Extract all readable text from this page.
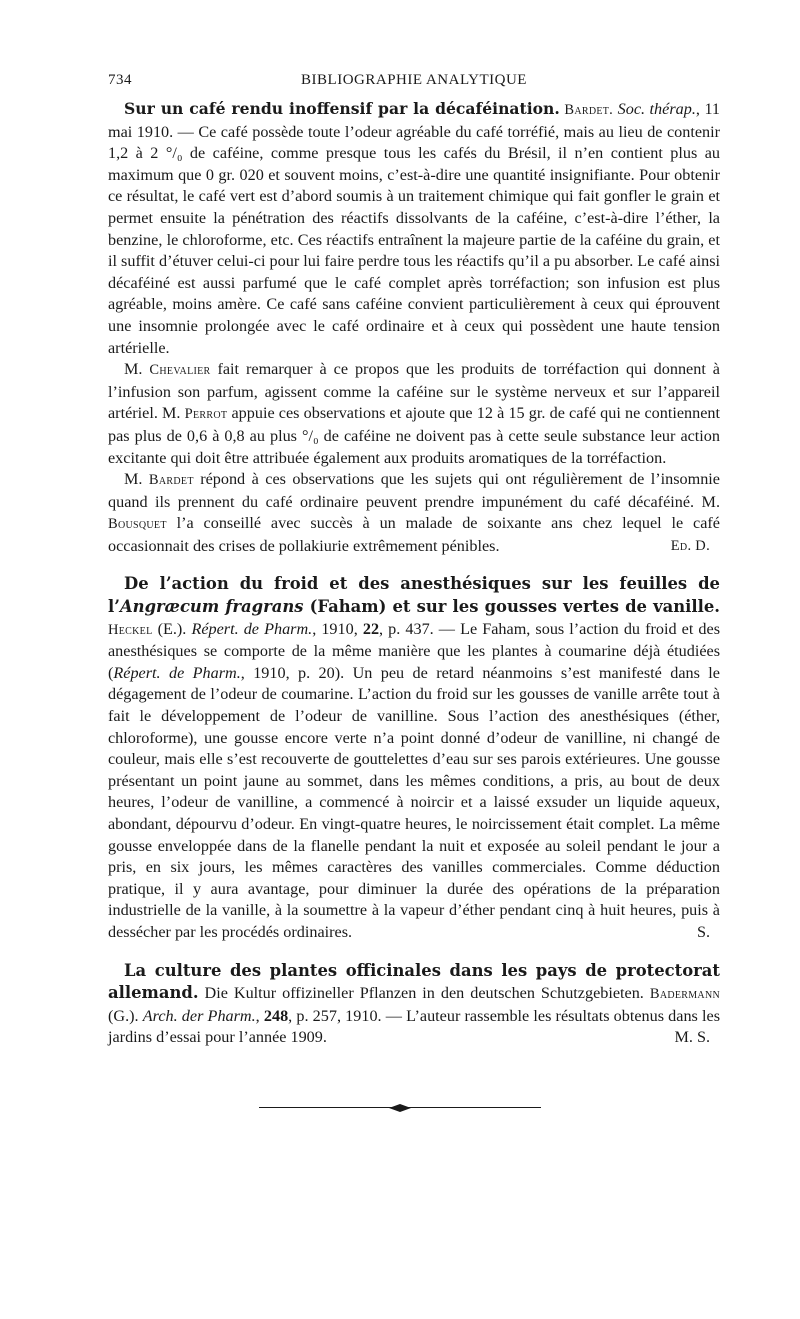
734	BIBLIOGRAPHIE ANALYTIQUE

Sur un café rendu inoffensif par la décaféination. Bardet. Soc. thérap., 11 mai 1910. — Ce café possède toute l’odeur agréable du café torréfié, mais au lieu de contenir 1,2 à 2 °/₀ de caféine, comme presque tous les cafés du Brésil, il n’en contient plus au maximum que 0 gr. 020 et souvent moins, c’est-à-dire une quantité insignifiante. Pour obtenir ce résultat, le café vert est d’abord soumis à un traitement chimique qui fait gonfler le grain et permet ensuite la pénétration des réactifs dissolvants de la caféine, c’est-à-dire l’éther, la benzine, le chloroforme, etc. Ces réactifs entraînent la majeure partie de la caféine du grain, et il suffit d’étuver celui-ci pour lui faire perdre tous les réactifs qu’il a pu absorber. Le café ainsi décaféiné est aussi parfumé que le café complet après torréfaction; son infusion est plus agréable, moins amère. Ce café sans caféine convient particulièrement à ceux qui éprouvent une insomnie prolongée avec le café ordinaire et à ceux qui possèdent une haute tension artérielle.

M. Chevalier fait remarquer à ce propos que les produits de torréfaction qui donnent à l’infusion son parfum, agissent comme la caféine sur le système nerveux et sur l’appareil artériel. M. Perrot appuie ces observations et ajoute que 12 à 15 gr. de café qui ne contiennent pas plus de 0,6 à 0,8 au plus °/₀ de caféine ne doivent pas à cette seule substance leur action excitante qui doit être attribuée également aux produits aromatiques de la torréfaction.

M. Bardet répond à ces observations que les sujets qui ont régulièrement de l’insomnie quand ils prennent du café ordinaire peuvent prendre impunément du café décaféiné. M. Bousquet l’a conseillé avec succès à un malade de soixante ans chez lequel le café occasionnait des crises de pollakiurie extrêmement pénibles.	Ed. D.

De l’action du froid et des anesthésiques sur les feuilles de l’Angræcum fragrans (Faham) et sur les gousses vertes de vanille. Heckel (E.). Répert. de Pharm., 1910, 22, p. 437. — Le Faham, sous l’action du froid et des anesthésiques se comporte de la même manière que les plantes à coumarine déjà étudiées (Répert. de Pharm., 1910, p. 20). Un peu de retard néanmoins s’est manifesté dans le dégagement de l’odeur de coumarine. L’action du froid sur les gousses de vanille arrête tout à fait le développement de l’odeur de vanilline. Sous l’action des anesthésiques (éther, chloroforme), une gousse encore verte n’a point donné d’odeur de vanilline, ni changé de couleur, mais elle s’est recouverte de gouttelettes d’eau sur ses parois extérieures. Une gousse présentant un point jaune au sommet, dans les mêmes conditions, a pris, au bout de deux heures, l’odeur de vanilline, a commencé à noircir et a laissé exsuder un liquide aqueux, abondant, dépourvu d’odeur. En vingt-quatre heures, le noircissement était complet. La même gousse enveloppée dans de la flanelle pendant la nuit et exposée au soleil pendant le jour a pris, en six jours, les mêmes caractères des vanilles commerciales. Comme déduction pratique, il y aura avantage, pour diminuer la durée des opérations de la préparation industrielle de la vanille, à la soumettre à la vapeur d’éther pendant cinq à huit heures, puis à dessécher par les procédés ordinaires.	S.

La culture des plantes officinales dans les pays de protectorat allemand. Die Kultur offizineller Pflanzen in den deutschen Schutzgebieten. Badermann (G.). Arch. der Pharm., 248, p. 257, 1910. — L’auteur rassemble les résultats obtenus dans les jardins d’essai pour l’année 1909.	M. S.
